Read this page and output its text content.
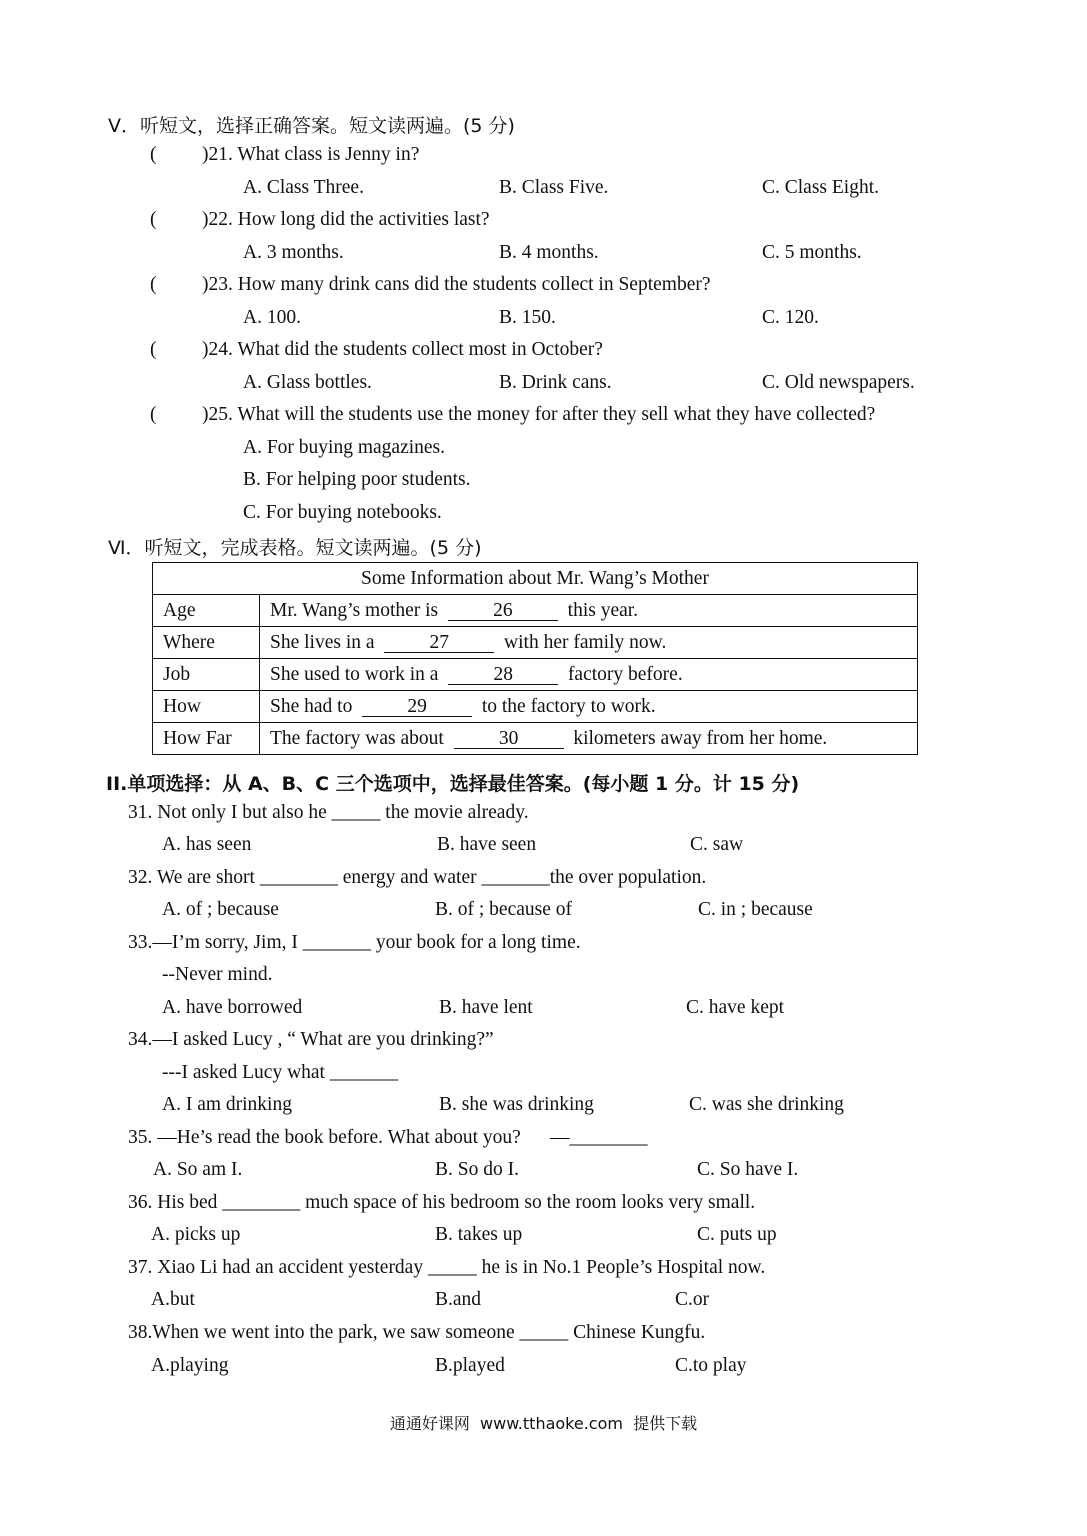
Ⅴ．听短文，选择正确答案。短文读两遍。(5 分)
( )21. What class is Jenny in?
A. Class Three.	B. Class Five.	C. Class Eight.
( )22. How long did the activities last?
A. 3 months.	B. 4 months.	C. 5 months.
( )23. How many drink cans did the students collect in September?
A. 100.	B. 150.	C. 120.
( )24. What did the students collect most in October?
A. Glass bottles.	B. Drink cans.	C. Old newspapers.
( )25. What will the students use the money for after they sell what they have collected?
A. For buying magazines.
B. For helping poor students.
C. For buying notebooks.
Ⅵ．听短文，完成表格。短文读两遍。(5 分)
Some Information about Mr. Wang’s Mother	
Age	Mr. Wang’s mother is 26 this year.
Where	She lives in a 27 with her family now.
Job	She used to work in a 28 factory before.
How	She had to 29 to the factory to work.
How Far	The factory was about 30 kilometers away from her home.
II.单项选择：从 A、B、C 三个选项中，选择最佳答案。(每小题 1 分。计 15 分)
31. Not only I but also he _____ the movie already.
A. has seen	B. have seen	C. saw
32. We are short ________ energy and water _______the over population.
A. of ; because	B. of ; because of	C. in ; because
33.—I’m sorry, Jim, I _______ your book for a long time.
--Never mind.
A. have borrowed	B. have lent	C. have kept
34.—I asked Lucy , “ What are you drinking?”
---I asked Lucy what _______
A. I am drinking	B. she was drinking	C. was she drinking
35. —He’s read the book before. What about you?      —________
A. So am I.	B. So do I.	C. So have I.
36. His bed ________ much space of his bedroom so the room looks very small.
A. picks up	B. takes up	C. puts up
37. Xiao Li had an accident yesterday _____ he is in No.1 People’s Hospital now.
A.but	B.and	C.or
38.When we went into the park, we saw someone _____ Chinese Kungfu.
A.playing	B.played	C.to play
通通好课网  www.tthaoke.com  提供下载
